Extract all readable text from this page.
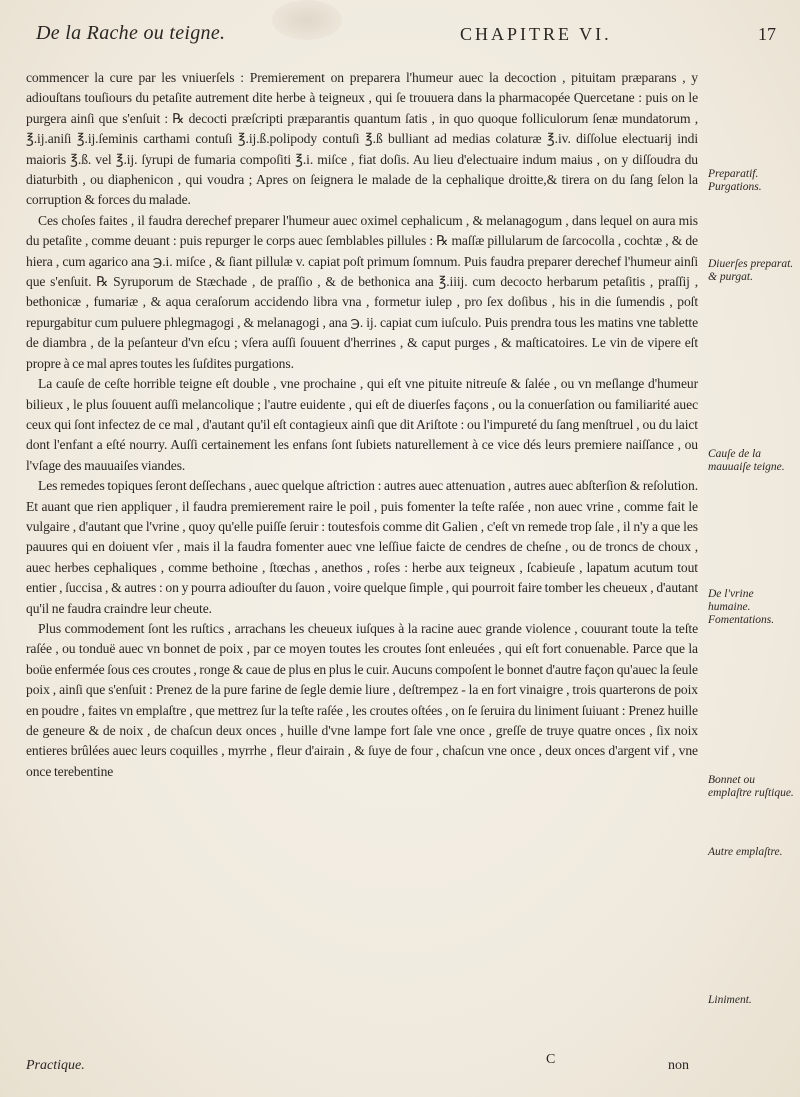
De la Rache ou teigne.	CHAPITRE VI.	17

commencer la cure par les vniuerſels : Premierement on preparera l'humeur auec la decoction , pituitam præparans , y adiouſtans touſiours du petaſite autrement dite herbe à teigneux , qui ſe trouuera dans la pharmacopée Quercetane : puis on le purgera ainſi que s'enſuit : ℞ decocti præſcripti præparantis quantum ſatis , in quo quoque folliculorum ſenæ mundatorum , ℥.ij.aniſi ℥.ij.ſeminis carthami contuſi ℥.ij.ß.polipody contuſi ℥.ß bulliant ad medias colaturæ ℥.iv. diſſolue electuarij indi maioris ℥.ß. vel ℥.ij. ſyrupi de fumaria compoſiti ℥.i. miſce , fiat doſis. Au lieu d'electuaire indum maius , on y diſſoudra du diaturbith , ou diaphenicon , qui voudra ; Apres on ſeignera le malade de la cephalique droitte,& tirera on du ſang ſelon la corruption & forces du malade.

Ces choſes faites , il faudra derechef preparer l'humeur auec oximel cephalicum , & melanagogum , dans lequel on aura mis du petaſite , comme deuant : puis repurger le corps auec ſemblables pillules : ℞ maſſæ pillularum de ſarcocolla , cochtæ , & de hiera , cum agarico ana ℈.i. miſce , & ſiant pillulæ v. capiat poſt primum ſomnum. Puis faudra preparer derechef l'humeur ainſi que s'enſuit. ℞ Syruporum de Stæchade , de praſſio , & de bethonica ana ℥.iiij. cum decocto herbarum petaſitis , praſſij , bethonicæ , fumariæ , & aqua ceraſorum accidendo libra vna , formetur iulep , pro ſex doſibus , his in die ſumendis , poſt repurgabitur cum puluere phlegmagogi , & melanagogi , ana ℈. ij. capiat cum iuſculo. Puis prendra tous les matins vne tablette de diambra , de la peſanteur d'vn eſcu ; vſera auſſi ſouuent d'herrines , & caput purges , & maſticatoires. Le vin de vipere eſt propre à ce mal apres toutes les ſuſdites purgations.

La cauſe de ceſte horrible teigne eſt double , vne prochaine , qui eſt vne pituite nitreuſe & ſalée , ou vn meſlange d'humeur bilieux , le plus ſouuent auſſi melancolique ; l'autre euidente , qui eſt de diuerſes façons , ou la conuerſation ou familiarité auec ceux qui ſont infectez de ce mal , d'autant qu'il eſt contagieux ainſi que dit Ariſtote : ou l'impureté du ſang menſtruel , ou du laict dont l'enfant a eſté nourry. Auſſi certainement les enfans ſont ſubiets naturellement à ce vice dés leurs premiere naiſſance , ou l'vſage des mauuaiſes viandes.

Les remedes topiques ſeront deſſechans , auec quelque aſtriction : autres auec attenuation , autres auec abſterſion & reſolution. Et auant que rien appliquer , il faudra premierement raire le poil , puis fomenter la teſte raſée , non auec vrine , comme fait le vulgaire , d'autant que l'vrine , quoy qu'elle puiſſe ſeruir : toutesfois comme dit Galien , c'eſt vn remede trop ſale , il n'y a que les pauures qui en doiuent vſer , mais il la faudra fomenter auec vne leſſiue faicte de cendres de cheſne , ou de troncs de choux , auec herbes cephaliques , comme bethoine , ſtœchas , anethos , roſes : herbe aux teigneux , ſcabieuſe , lapatum acutum tout entier , ſuccisa , & autres : on y pourra adiouſter du ſauon , voire quelque ſimple , qui pourroit faire tomber les cheueux , d'autant qu'il ne faudra craindre leur cheute.

Plus commodement ſont les ruſtics , arrachans les cheueux iuſques à la racine auec grande violence , couurant toute la teſte raſée , ou tonduë auec vn bonnet de poix , par ce moyen toutes les croutes ſont enleuées , qui eſt fort conuenable. Parce que la boüe enfermée ſous ces croutes , ronge & caue de plus en plus le cuir. Aucuns compoſent le bonnet d'autre façon qu'auec la ſeule poix , ainſi que s'enſuit : Prenez de la pure farine de ſegle demie liure , deſtrempez - la en fort vinaigre , trois quarterons de poix en poudre , faites vn emplaſtre , que mettrez ſur la teſte raſée , les croutes oſtées , on ſe ſeruira du liniment ſuiuant : Prenez huille de geneure & de noix , de chaſcun deux onces , huille d'vne lampe fort ſale vne once , greſſe de truye quatre onces , ſix noix entieres brûlées auec leurs coquilles , myrrhe , fleur d'airain , & ſuye de four , chaſcun vne once , deux onces d'argent vif , vne once terebentine

Preparatif. Purgations.
Diuerſes preparat. & purgat.
Cauſe de la mauuaiſe teigne.
De l'vrine humaine. Fomentations.
Bonnet ou emplaſtre ruſtique.
Autre emplaſtre.
Liniment.
Practique.	C	non
